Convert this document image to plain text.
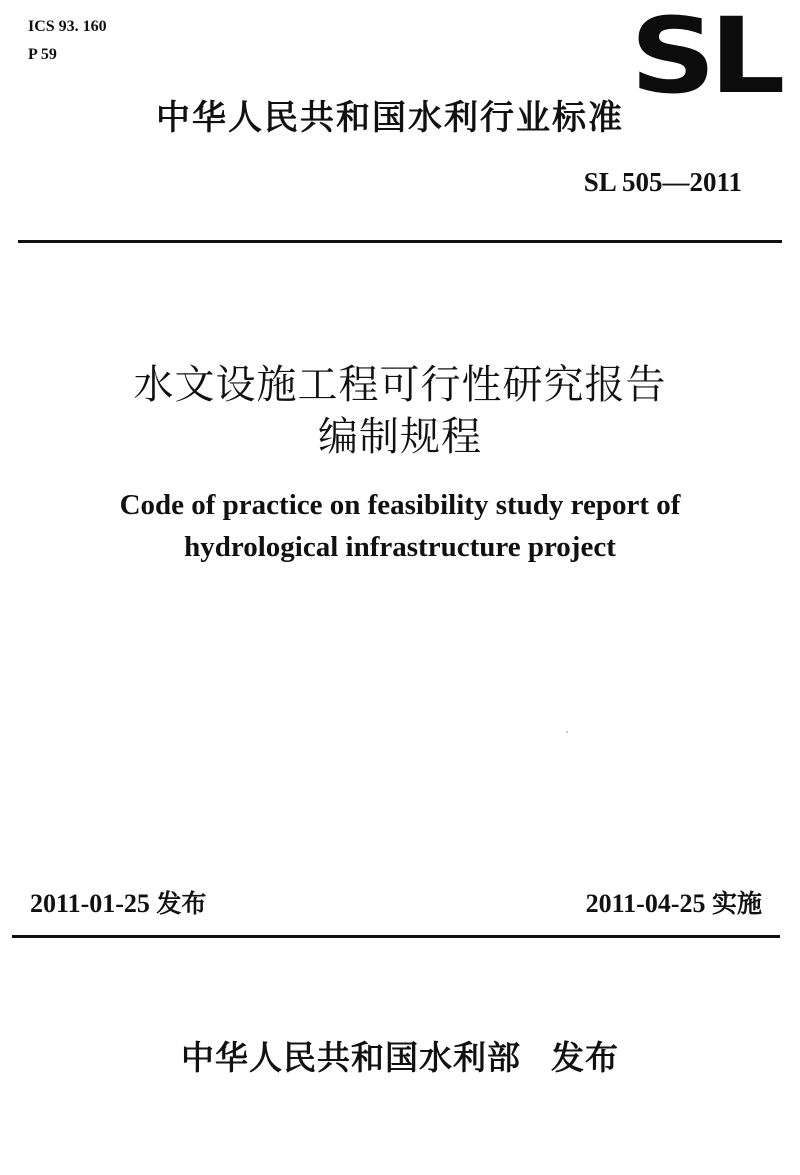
ICS 93. 160
P 59	SL
中华人民共和国水利行业标准
SL 505—2011
水文设施工程可行性研究报告
编制规程
Code of practice on feasibility study report of
hydrological infrastructure project
2011-01-25 发布	2011-04-25 实施
中华人民共和国水利部 发布
